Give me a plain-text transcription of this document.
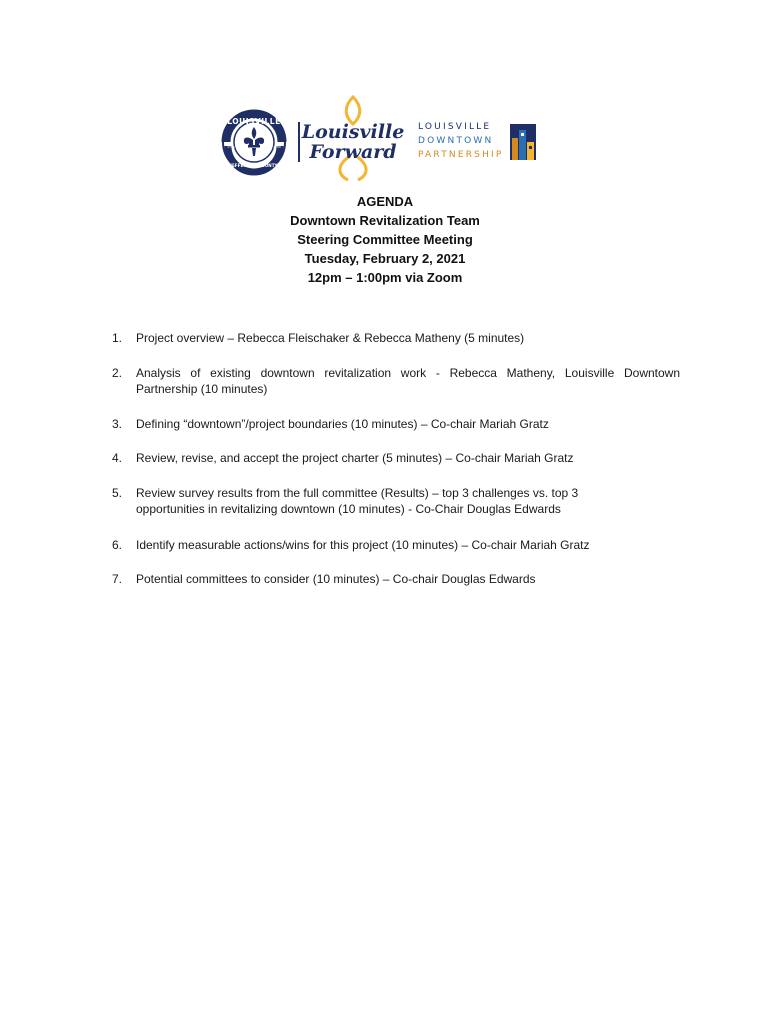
LOUISVILLE
JEFFERSON COUNTY
1780	1780
Louisville
Forward
LOUISVILLE
DOWNTOWN
PARTNERSHIP
AGENDA
Downtown Revitalization Team
Steering Committee Meeting
Tuesday, February 2, 2021
12pm – 1:00pm via Zoom
1. Project overview – Rebecca Fleischaker & Rebecca Matheny (5 minutes)
2. Analysis of existing downtown revitalization work - Rebecca Matheny, Louisville Downtown
Partnership (10 minutes)
3. Defining “downtown”/project boundaries (10 minutes) – Co-chair Mariah Gratz
4. Review, revise, and accept the project charter (5 minutes) – Co-chair Mariah Gratz
5. Review survey results from the full committee (Results) – top 3 challenges vs. top 3
opportunities in revitalizing downtown (10 minutes) - Co-Chair Douglas Edwards
6. Identify measurable actions/wins for this project (10 minutes) – Co-chair Mariah Gratz
7. Potential committees to consider (10 minutes) – Co-chair Douglas Edwards
